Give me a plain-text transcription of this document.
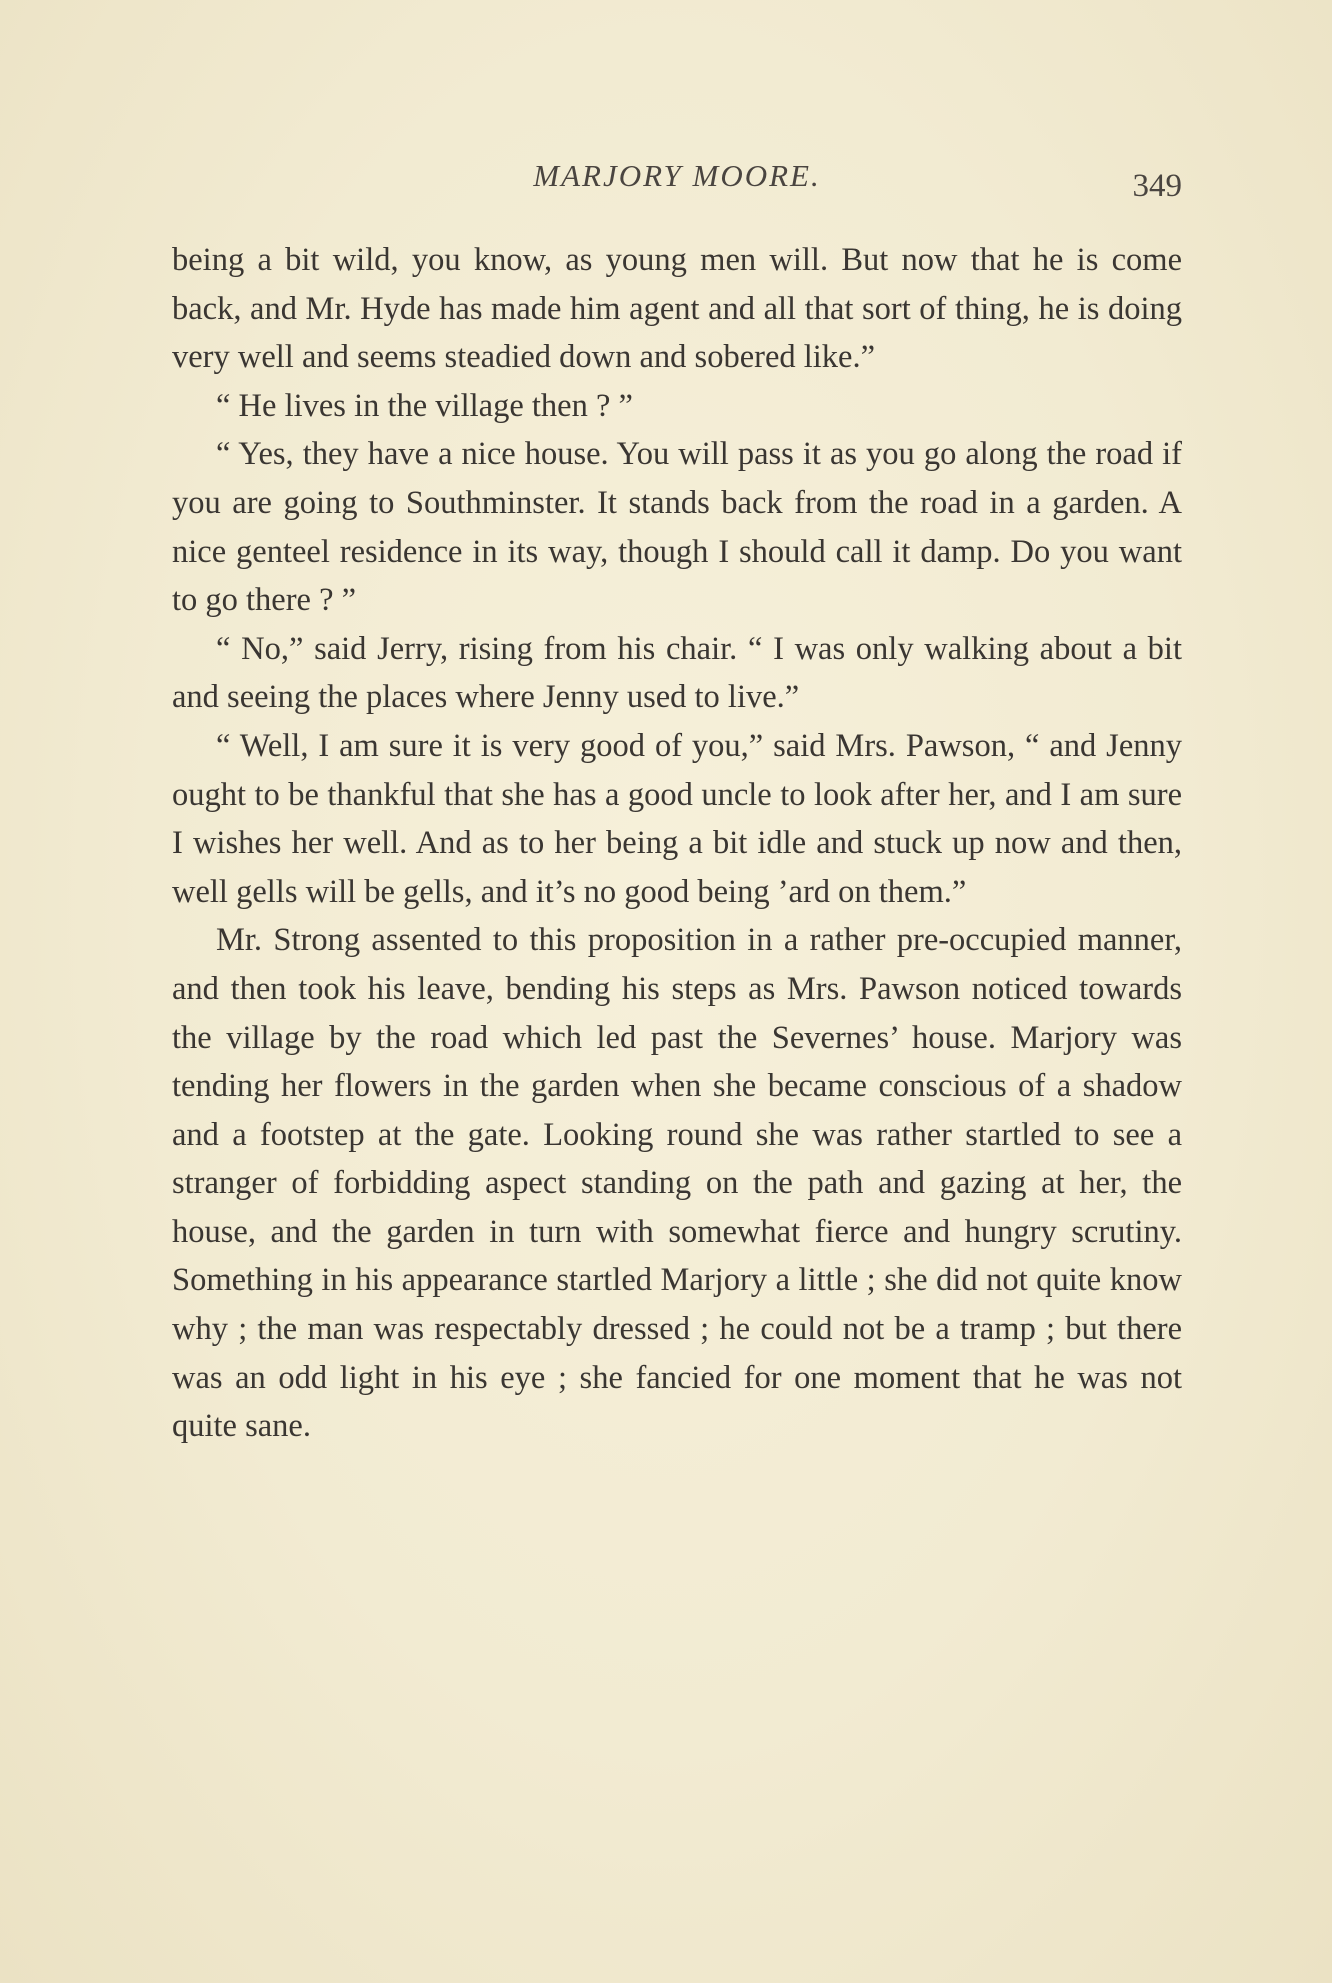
MARJORY MOORE.	349

being a bit wild, you know, as young men will. But now that he is come back, and Mr. Hyde has made him agent and all that sort of thing, he is doing very well and seems steadied down and sobered like.”

“ He lives in the village then ? ”

“ Yes, they have a nice house. You will pass it as you go along the road if you are going to Southminster. It stands back from the road in a garden. A nice genteel residence in its way, though I should call it damp. Do you want to go there ? ”

“ No,” said Jerry, rising from his chair. “ I was only walking about a bit and seeing the places where Jenny used to live.”

“ Well, I am sure it is very good of you,” said Mrs. Pawson, “ and Jenny ought to be thankful that she has a good uncle to look after her, and I am sure I wishes her well. And as to her being a bit idle and stuck up now and then, well gells will be gells, and it’s no good being ’ard on them.”

Mr. Strong assented to this proposition in a rather pre-occupied manner, and then took his leave, bending his steps as Mrs. Pawson noticed towards the village by the road which led past the Severnes’ house. Marjory was tending her flowers in the garden when she became conscious of a shadow and a footstep at the gate. Looking round she was rather startled to see a stranger of forbidding aspect standing on the path and gazing at her, the house, and the garden in turn with somewhat fierce and hungry scrutiny. Something in his appearance startled Marjory a little ; she did not quite know why ; the man was respectably dressed ; he could not be a tramp ; but there was an odd light in his eye ; she fancied for one moment that he was not quite sane.
